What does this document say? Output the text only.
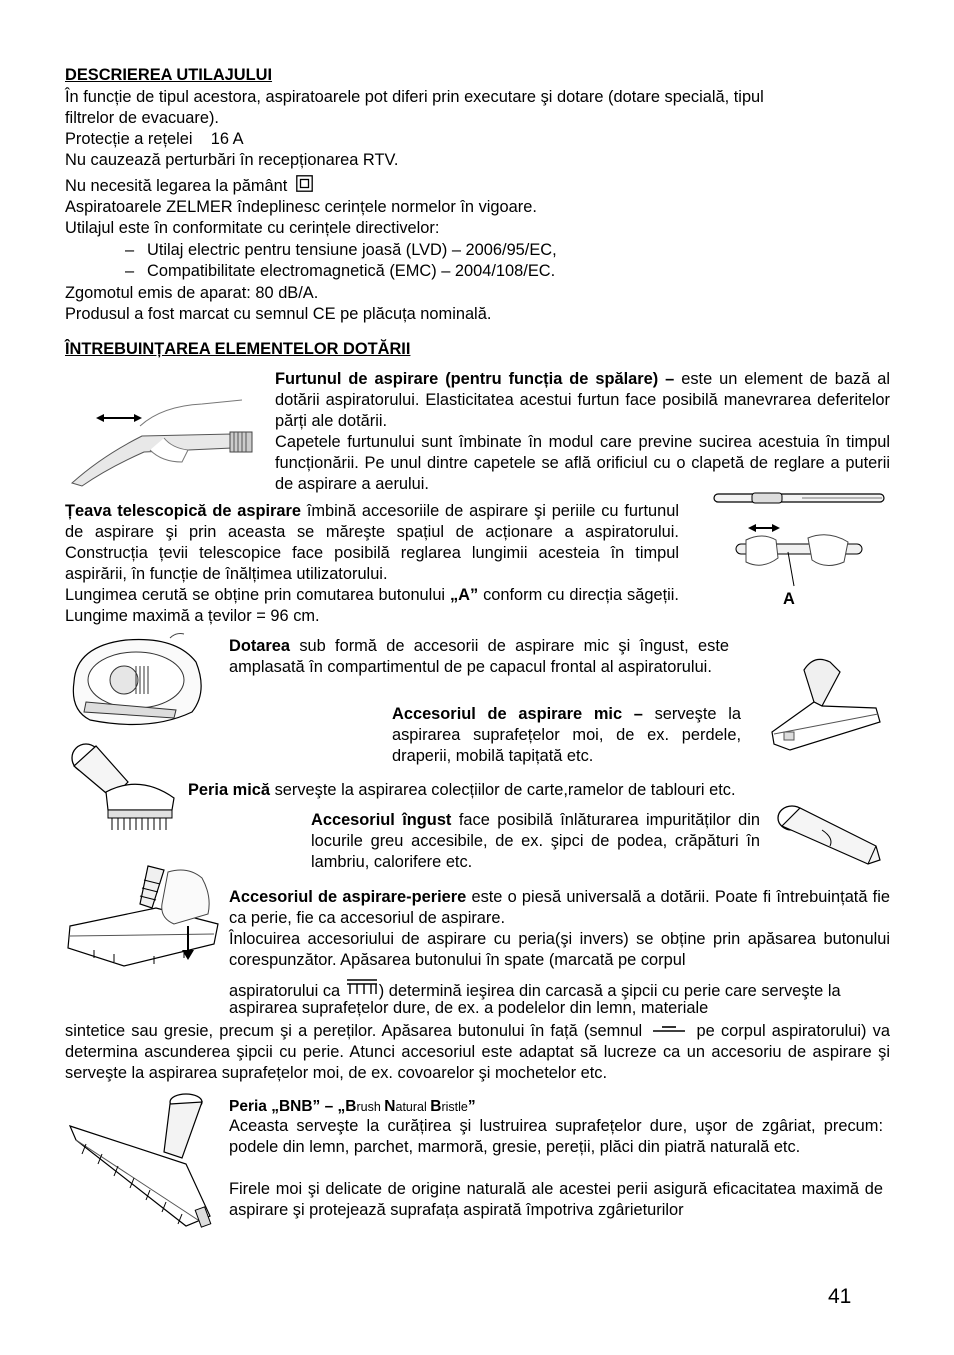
DESCRIEREA UTILAJULUI
În funcție de tipul acestora, aspiratoarele pot diferi prin executare şi dotare (dotare specială, tipul
filtrelor de evacuare).
Protecție a rețelei    16 A
Nu cauzează perturbări în recepționarea RTV.
Nu necesită legarea la pământ
Aspiratoarele ZELMER îndeplinesc cerințele normelor în vigoare.
Utilajul este în conformitate cu cerințele directivelor:
– Utilaj electric pentru tensiune joasă (LVD) – 2006/95/EC,
– Compatibilitate electromagnetică (EMC) – 2004/108/EC.
Zgomotul emis de aparat: 80 dB/A.
Produsul a fost marcat cu semnul CE pe plăcuța nominală.
ÎNTREBUINȚAREA ELEMENTELOR DOTĂRII
Furtunul de aspirare (pentru funcția de spălare) – este un element de bază al dotării aspiratorului. Elasticitatea acestui furtun face posibilă manevrarea deferitelor părți ale dotării.
Capetele furtunului sunt îmbinate în modul care previne sucirea acestuia în timpul funcționării. Pe unul dintre capetele se află orificiul cu o clapetă de reglare a puterii de aspirare a aerului.
Țeava telescopică de aspirare îmbină accesoriile de aspirare şi periile cu furtunul de aspirare şi prin aceasta se măreşte spațiul de acționare a aspiratorului. Construcția țevii telescopice face posibilă reglarea lungimii acesteia în timpul aspirării, în funcție de înălțimea utilizatorului.
Lungimea cerută se obține prin comutarea butonului „A” conform cu direcția săgeții. Lungime maximă a țevilor = 96 cm.
A
Dotarea sub formă de accesorii de aspirare mic şi îngust, este amplasată în compartimentul de pe capacul frontal al aspiratorului.
Accesoriul de aspirare mic – serveşte la aspirarea suprafețelor moi, de ex. perdele, draperii, mobilă tapițată etc.
Peria mică serveşte la aspirarea colecțiilor de carte,ramelor de tablouri etc.
Accesoriul îngust face posibilă înlăturarea impurităților din locurile greu accesibile, de ex. şipci de podea, crăpături în lambriu, calorifere etc.
Accesoriul de aspirare-periere este o piesă universală a dotării. Poate fi întrebuințată fie ca perie, fie ca accesoriul de aspirare.
Înlocuirea accesoriului de aspirare cu peria(şi invers) se obține prin apăsarea butonului corespunzător. Apăsarea butonului în spate (marcată pe corpul
aspiratorului ca ) determină ieşirea din carcasă a şipcii cu perie care serveşte la
aspirarea suprafețelor dure, de ex. a podelelor din lemn, materiale
sintetice sau gresie, precum şi a pereților. Apăsarea butonului în față (semnul	pe corpul aspiratorului) va determina ascunderea şipcii cu perie. Atunci accesoriul este adaptat să lucreze ca un accesoriu de aspirare şi serveşte la aspirarea suprafețelor moi, de ex. covoarelor şi mochetelor etc.
Peria „BNB” – „Brush Natural Bristle”
Aceasta serveşte la curățirea şi lustruirea suprafețelor dure, uşor de zgâriat, precum: podele din lemn, parchet, marmoră, gresie, pereții, plăci din piatră naturală etc.
Firele moi şi delicate de origine naturală ale acestei perii asigură eficacitatea maximă de aspirare şi protejează suprafața aspirată împotriva zgârieturilor
41
